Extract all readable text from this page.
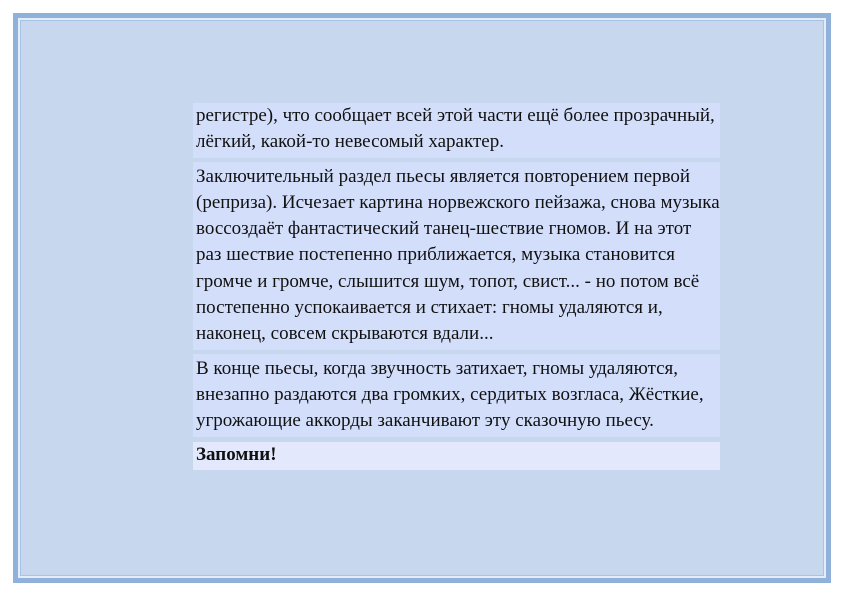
регистре), что сообщает всей этой части ещё более прозрачный, лёгкий, какой-то невесомый характер.

Заключительный раздел пьесы является повторением первой (реприза). Исчезает картина норвежского пейзажа, снова музыка воссоздаёт фантастический танец-шествие гномов. И на этот раз шествие постепенно приближается, музыка становится громче и громче, слышится шум, топот, свист... - но потом всё постепенно успокаивается и стихает: гномы удаляются и, наконец, совсем скрываются вдали...

В конце пьесы, когда звучность затихает, гномы удаляются, внезапно раздаются два громких, сердитых возгласа, Жёсткие, угрожающие аккорды заканчивают эту сказочную пьесу.

Запомни!
